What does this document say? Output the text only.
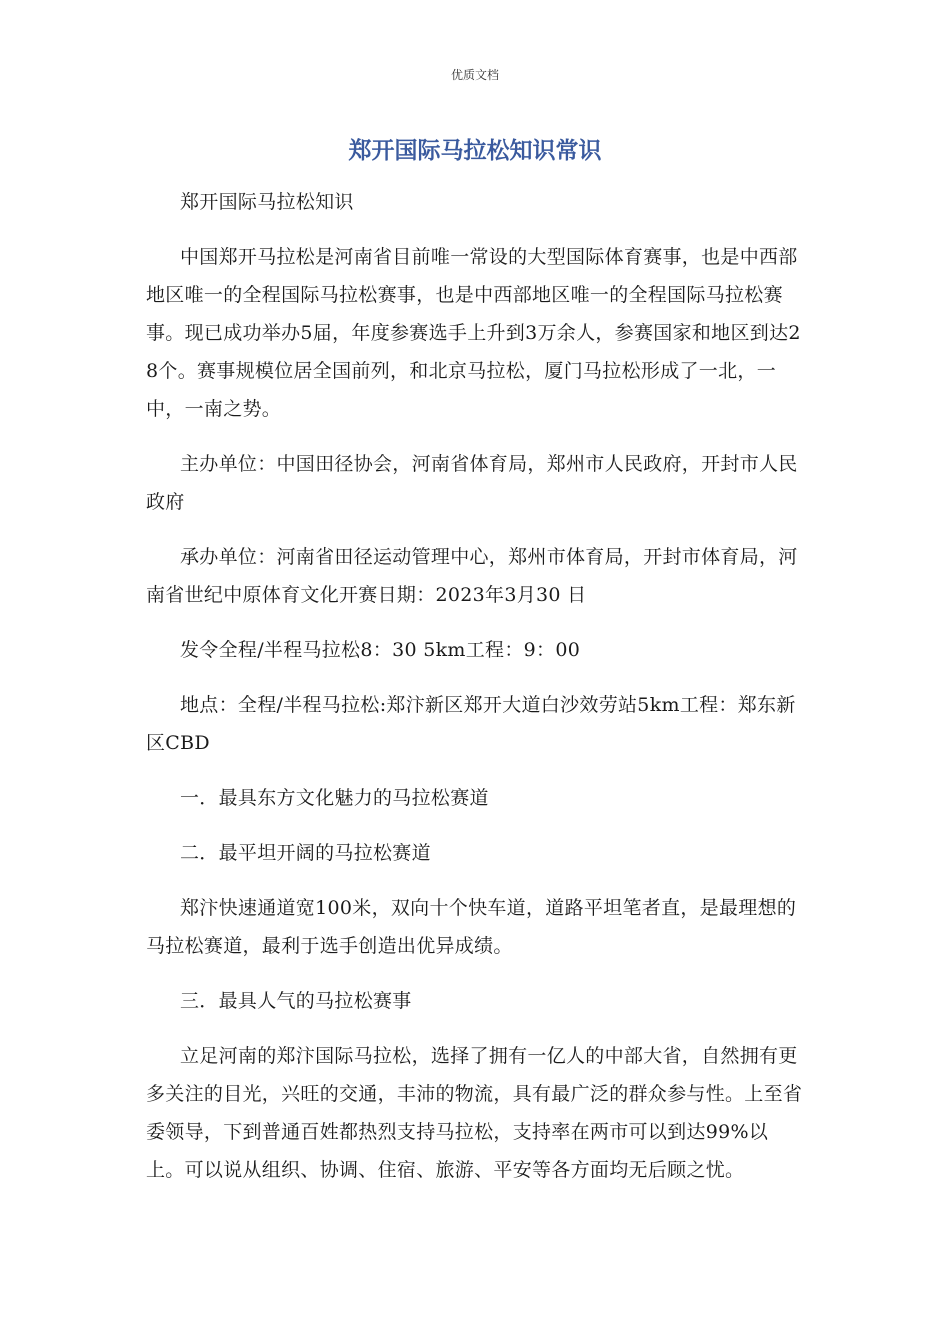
优质文档
郑开国际马拉松知识常识

郑开国际马拉松知识

中国郑开马拉松是河南省目前唯一常设的大型国际体育赛事，也是中西部地区唯一的全程国际马拉松赛事，也是中西部地区唯一的全程国际马拉松赛事。现已成功举办5届，年度参赛选手上升到3万余人，参赛国家和地区到达28个。赛事规模位居全国前列，和北京马拉松，厦门马拉松形成了一北，一中，一南之势。

主办单位：中国田径协会，河南省体育局，郑州市人民政府，开封市人民政府

承办单位：河南省田径运动管理中心，郑州市体育局，开封市体育局，河南省世纪中原体育文化开赛日期：2023年3月30 日

发令全程/半程马拉松8：30 5km工程：9：00

地点：全程/半程马拉松:郑汴新区郑开大道白沙效劳站5km工程：郑东新区CBD

一．最具东方文化魅力的马拉松赛道

二．最平坦开阔的马拉松赛道

郑汴快速通道宽100米，双向十个快车道，道路平坦笔者直，是最理想的马拉松赛道，最利于选手创造出优异成绩。

三．最具人气的马拉松赛事

立足河南的郑汴国际马拉松，选择了拥有一亿人的中部大省，自然拥有更多关注的目光，兴旺的交通，丰沛的物流，具有最广泛的群众参与性。上至省委领导，下到普通百姓都热烈支持马拉松，支持率在两市可以到达99%以上。可以说从组织、协调、住宿、旅游、平安等各方面均无后顾之忧。
